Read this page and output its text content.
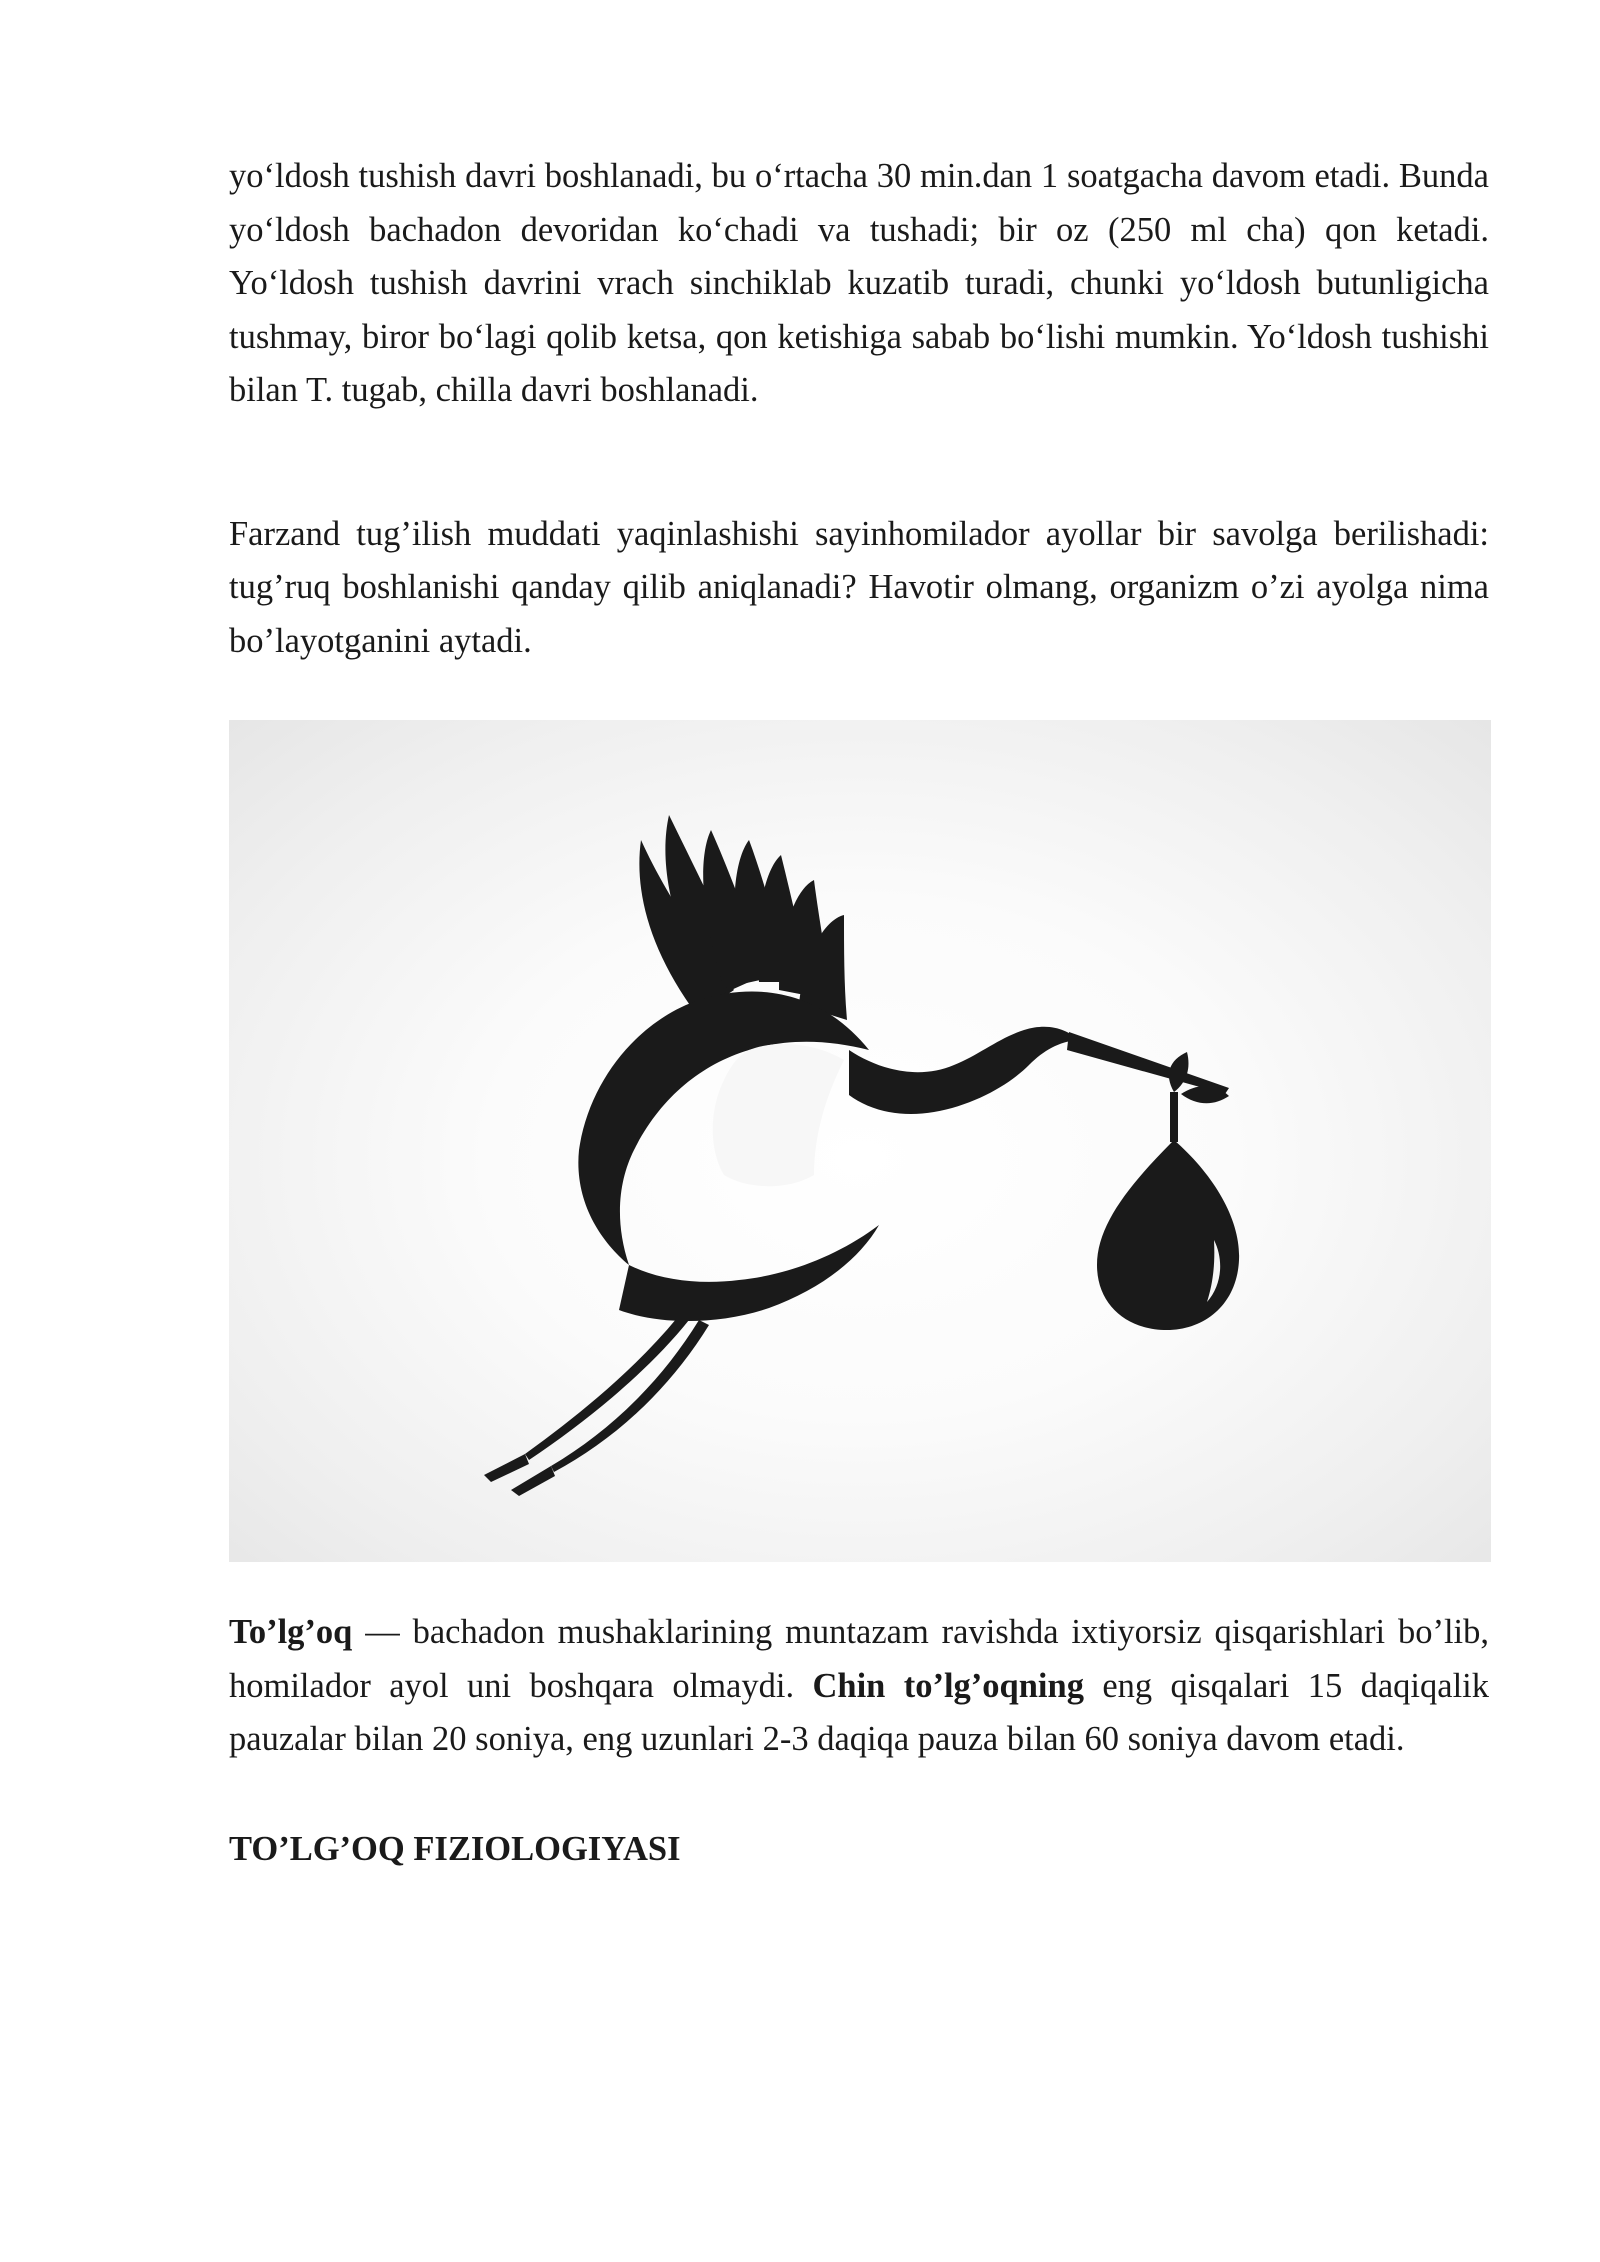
yo‘ldosh tushish davri boshlanadi, bu o‘rtacha 30 min.dan 1 soatgacha davom etadi. Bunda yo‘ldosh bachadon devoridan ko‘chadi va tushadi; bir oz (250 ml cha) qon ketadi. Yo‘ldosh tushish davrini vrach sinchiklab kuzatib turadi, chunki yo‘ldosh butunligicha tushmay, biror bo‘lagi qolib ketsa, qon ketishiga sabab bo‘lishi mumkin. Yo‘ldosh tushishi bilan T. tugab, chilla davri boshlanadi.

Farzand tug’ilish muddati yaqinlashishi sayinhomilador ayollar bir savolga berilishadi: tug’ruq boshlanishi qanday qilib aniqlanadi? Havotir olmang, organizm o’zi ayolga nima bo’layotganini aytadi.

To’lg’oq — bachadon mushaklarining muntazam ravishda ixtiyorsiz qisqarishlari bo’lib, homilador ayol uni boshqara olmaydi. Chin to’lg’oqning eng qisqalari 15 daqiqalik pauzalar bilan 20 soniya, eng uzunlari 2-3 daqiqa pauza bilan 60 soniya davom etadi.

TO’LG’OQ FIZIOLOGIYASI
